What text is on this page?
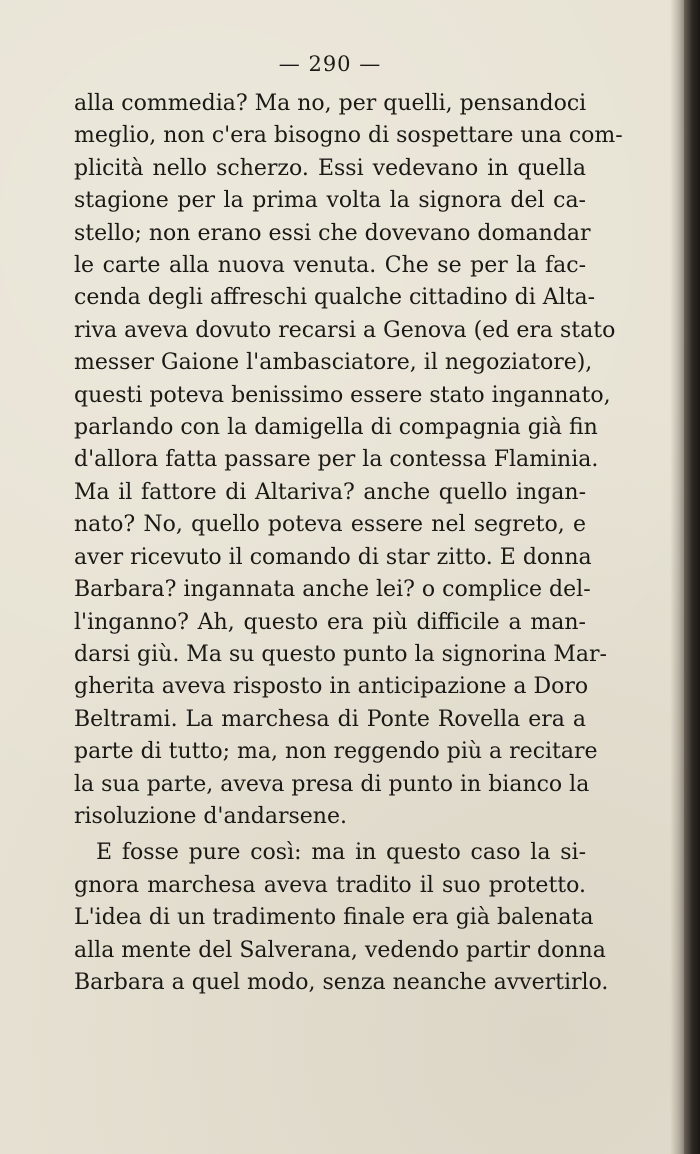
— 290 —

alla commedia? Ma no, per quelli, pensandoci
meglio, non c'era bisogno di sospettare una com-
plicità nello scherzo. Essi vedevano in quella
stagione per la prima volta la signora del ca-
stello; non erano essi che dovevano domandar
le carte alla nuova venuta. Che se per la fac-
cenda degli affreschi qualche cittadino di Alta-
riva aveva dovuto recarsi a Genova (ed era stato
messer Gaione l'ambasciatore, il negoziatore),
questi poteva benissimo essere stato ingannato,
parlando con la damigella di compagnia già fin
d'allora fatta passare per la contessa Flaminia.
Ma il fattore di Altariva? anche quello ingan-
nato? No, quello poteva essere nel segreto, e
aver ricevuto il comando di star zitto. E donna
Barbara? ingannata anche lei? o complice del-
l'inganno? Ah, questo era più difficile a man-
darsi giù. Ma su questo punto la signorina Mar-
gherita aveva risposto in anticipazione a Doro
Beltrami. La marchesa di Ponte Rovella era a
parte di tutto; ma, non reggendo più a recitare
la sua parte, aveva presa di punto in bianco la
risoluzione d'andarsene.

E fosse pure così: ma in questo caso la si-
gnora marchesa aveva tradito il suo protetto.
L'idea di un tradimento finale era già balenata
alla mente del Salverana, vedendo partir donna
Barbara a quel modo, senza neanche avvertirlo.
